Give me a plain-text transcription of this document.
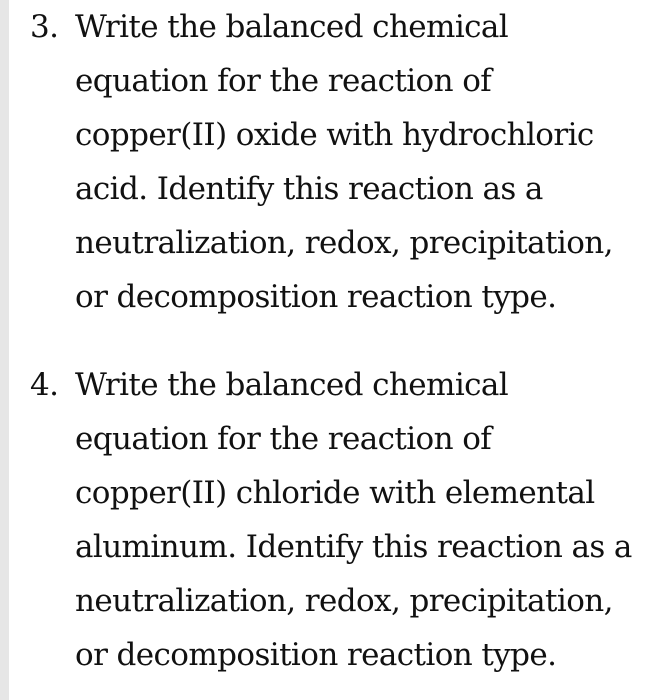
3. Write the balanced chemical
equation for the reaction of
copper(II) oxide with hydrochloric
acid. Identify this reaction as a
neutralization, redox, precipitation,
or decomposition reaction type.
4. Write the balanced chemical
equation for the reaction of
copper(II) chloride with elemental
aluminum. Identify this reaction as a
neutralization, redox, precipitation,
or decomposition reaction type.
